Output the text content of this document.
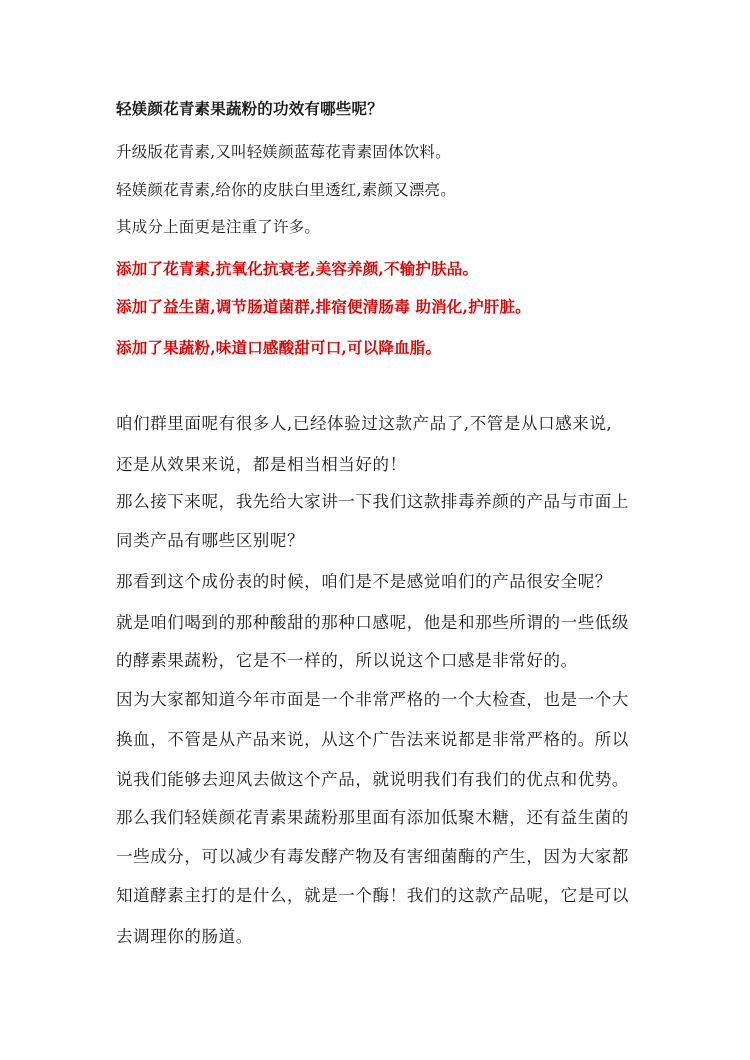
轻媄颜花青素果蔬粉的功效有哪些呢？
升级版花青素,又叫轻媄颜蓝莓花青素固体饮料。
轻媄颜花青素,给你的皮肤白里透红,素颜又漂亮。
其成分上面更是注重了许多。
添加了花青素,抗氧化抗衰老,美容养颜,不输护肤品。
添加了益生菌,调节肠道菌群,排宿便清肠毒 助消化,护肝脏。
添加了果蔬粉,味道口感酸甜可口,可以降血脂。
咱们群里面呢有很多人,已经体验过这款产品了,不管是从口感来说,
还是从效果来说，都是相当相当好的！
那么接下来呢，我先给大家讲一下我们这款排毒养颜的产品与市面上
同类产品有哪些区别呢？
那看到这个成份表的时候，咱们是不是感觉咱们的产品很安全呢？
就是咱们喝到的那种酸甜的那种口感呢，他是和那些所谓的一些低级
的酵素果蔬粉，它是不一样的，所以说这个口感是非常好的。
因为大家都知道今年市面是一个非常严格的一个大检查，也是一个大
换血，不管是从产品来说，从这个广告法来说都是非常严格的。所以
说我们能够去迎风去做这个产品，就说明我们有我们的优点和优势。
那么我们轻媄颜花青素果蔬粉那里面有添加低聚木糖，还有益生菌的
一些成分，可以减少有毒发酵产物及有害细菌酶的产生，因为大家都
知道酵素主打的是什么，就是一个酶！我们的这款产品呢，它是可以
去调理你的肠道。
